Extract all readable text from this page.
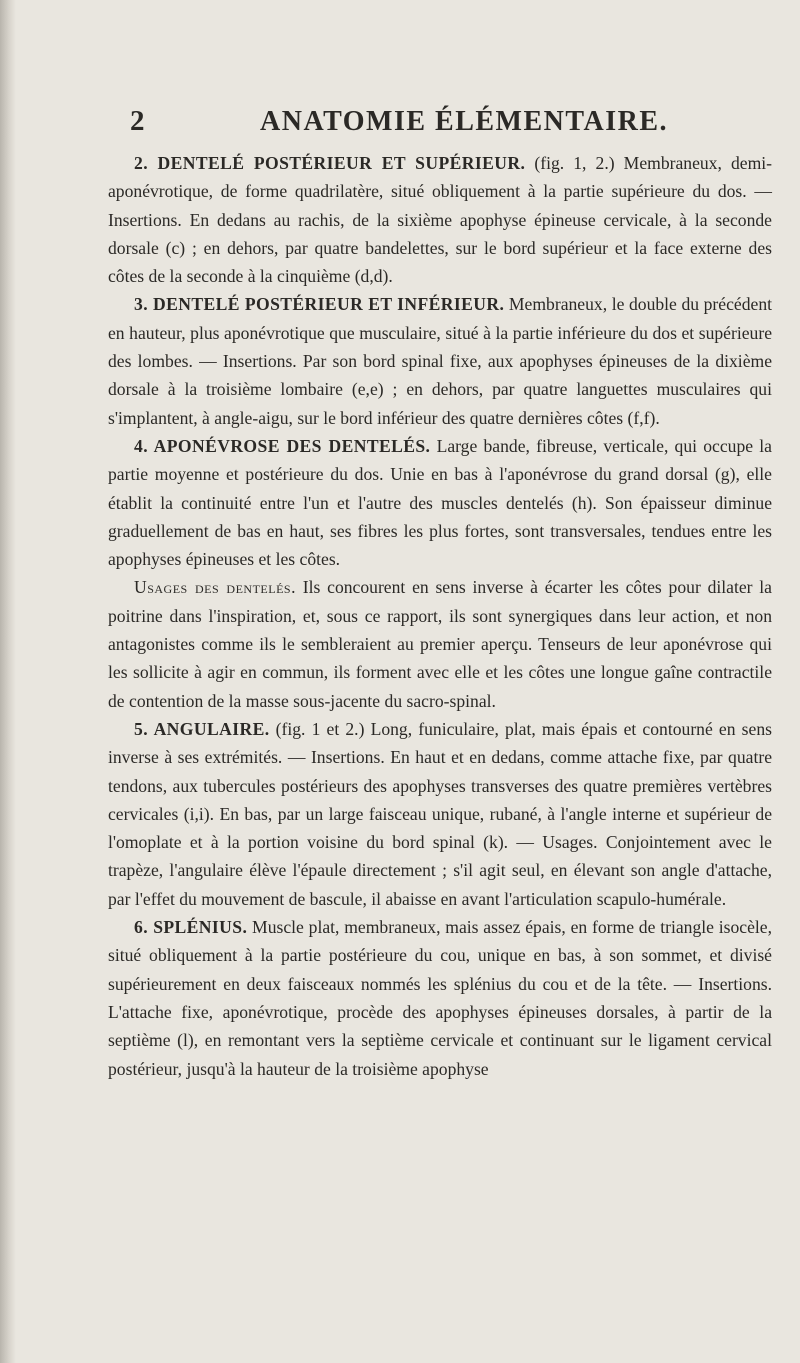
2	ANATOMIE ÉLÉMENTAIRE.

2. DENTELÉ POSTÉRIEUR ET SUPÉRIEUR. (fig. 1, 2.) Membraneux, demi-aponévrotique, de forme quadrilatère, situé obliquement à la partie supérieure du dos. — Insertions. En dedans au rachis, de la sixième apophyse épineuse cervicale, à la seconde dorsale (c) ; en dehors, par quatre bandelettes, sur le bord supérieur et la face externe des côtes de la seconde à la cinquième (d,d).

3. DENTELÉ POSTÉRIEUR ET INFÉRIEUR. Membraneux, le double du précédent en hauteur, plus aponévrotique que musculaire, situé à la partie inférieure du dos et supérieure des lombes. — Insertions. Par son bord spinal fixe, aux apophyses épineuses de la dixième dorsale à la troisième lombaire (e,e) ; en dehors, par quatre languettes musculaires qui s'implantent, à angle-aigu, sur le bord inférieur des quatre dernières côtes (f,f).

4. APONÉVROSE DES DENTELÉS. Large bande, fibreuse, verticale, qui occupe la partie moyenne et postérieure du dos. Unie en bas à l'aponévrose du grand dorsal (g), elle établit la continuité entre l'un et l'autre des muscles dentelés (h). Son épaisseur diminue graduellement de bas en haut, ses fibres les plus fortes, sont transversales, tendues entre les apophyses épineuses et les côtes.

Usages des dentelés. Ils concourent en sens inverse à écarter les côtes pour dilater la poitrine dans l'inspiration, et, sous ce rapport, ils sont synergiques dans leur action, et non antagonistes comme ils le sembleraient au premier aperçu. Tenseurs de leur aponévrose qui les sollicite à agir en commun, ils forment avec elle et les côtes une longue gaîne contractile de contention de la masse sous-jacente du sacro-spinal.

5. ANGULAIRE. (fig. 1 et 2.) Long, funiculaire, plat, mais épais et contourné en sens inverse à ses extrémités. — Insertions. En haut et en dedans, comme attache fixe, par quatre tendons, aux tubercules postérieurs des apophyses transverses des quatre premières vertèbres cervicales (i,i). En bas, par un large faisceau unique, rubané, à l'angle interne et supérieur de l'omoplate et à la portion voisine du bord spinal (k). — Usages. Conjointement avec le trapèze, l'angulaire élève l'épaule directement ; s'il agit seul, en élevant son angle d'attache, par l'effet du mouvement de bascule, il abaisse en avant l'articulation scapulo-humérale.

6. SPLÉNIUS. Muscle plat, membraneux, mais assez épais, en forme de triangle isocèle, situé obliquement à la partie postérieure du cou, unique en bas, à son sommet, et divisé supérieurement en deux faisceaux nommés les splénius du cou et de la tête. — Insertions. L'attache fixe, aponévrotique, procède des apophyses épineuses dorsales, à partir de la septième (l), en remontant vers la septième cervicale et continuant sur le ligament cervical postérieur, jusqu'à la hauteur de la troisième apophyse
